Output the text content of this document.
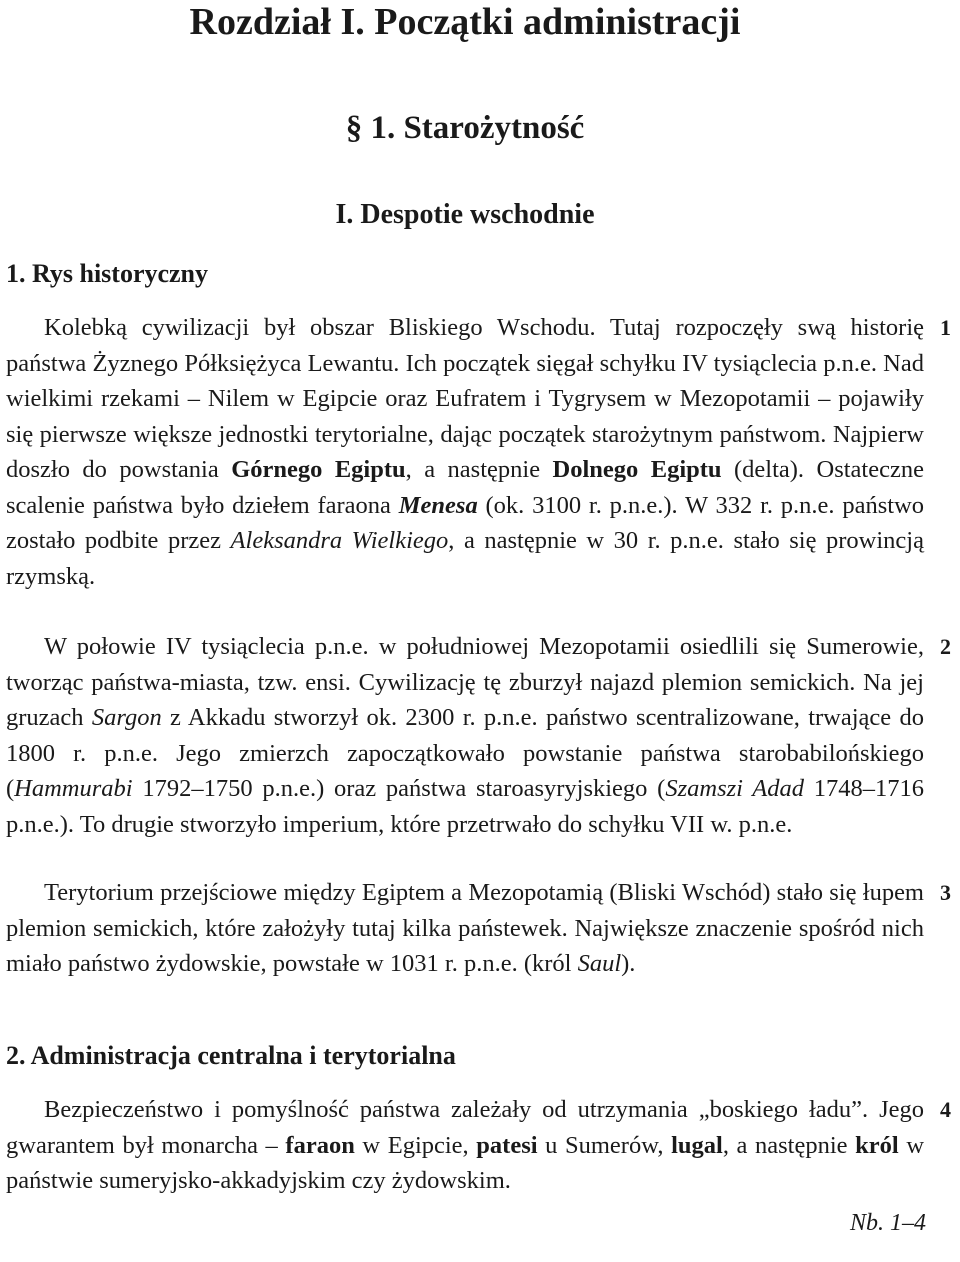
Rozdział I. Początki administracji
§ 1. Starożytność
I. Despotie wschodnie
1. Rys historyczny

Kolebką cywilizacji był obszar Bliskiego Wschodu. Tutaj rozpoczęły swą historię państwa Żyznego Półksiężyca Lewantu. Ich początek sięgał schyłku IV tysiąclecia p.n.e. Nad wielkimi rzekami – Nilem w Egipcie oraz Eufratem i Tygrysem w Mezopotamii – pojawiły się pierwsze większe jednostki terytorialne, dając początek starożytnym państwom. Najpierw doszło do powstania Górnego Egiptu, a następnie Dolnego Egiptu (delta). Ostateczne scalenie państwa było dziełem faraona Menesa (ok. 3100 r. p.n.e.). W 332 r. p.n.e. państwo zostało podbite przez Aleksandra Wielkiego, a następnie w 30 r. p.n.e. stało się prowincją rzymską.

1

W połowie IV tysiąclecia p.n.e. w południowej Mezopotamii osiedlili się Sumerowie, tworząc państwa-miasta, tzw. ensi. Cywilizację tę zburzył najazd plemion semickich. Na jej gruzach Sargon z Akkadu stworzył ok. 2300 r. p.n.e. państwo scentralizowane, trwające do 1800 r. p.n.e. Jego zmierzch zapoczątkowało powstanie państwa starobabilońskiego (Hammurabi 1792–1750 p.n.e.) oraz państwa staroasyryjskiego (Szamszi Adad 1748–1716 p.n.e.). To drugie stworzyło imperium, które przetrwało do schyłku VII w. p.n.e.

2

Terytorium przejściowe między Egiptem a Mezopotamią (Bliski Wschód) stało się łupem plemion semickich, które założyły tutaj kilka państewek. Największe znaczenie spośród nich miało państwo żydowskie, powstałe w 1031 r. p.n.e. (król Saul).

3
2. Administracja centralna i terytorialna

Bezpieczeństwo i pomyślność państwa zależały od utrzymania „boskiego ładu”. Jego gwarantem był monarcha – faraon w Egipcie, patesi u Sumerów, lugal, a następnie król w państwie sumeryjsko-akkadyjskim czy żydowskim.

4
Nb. 1–4
